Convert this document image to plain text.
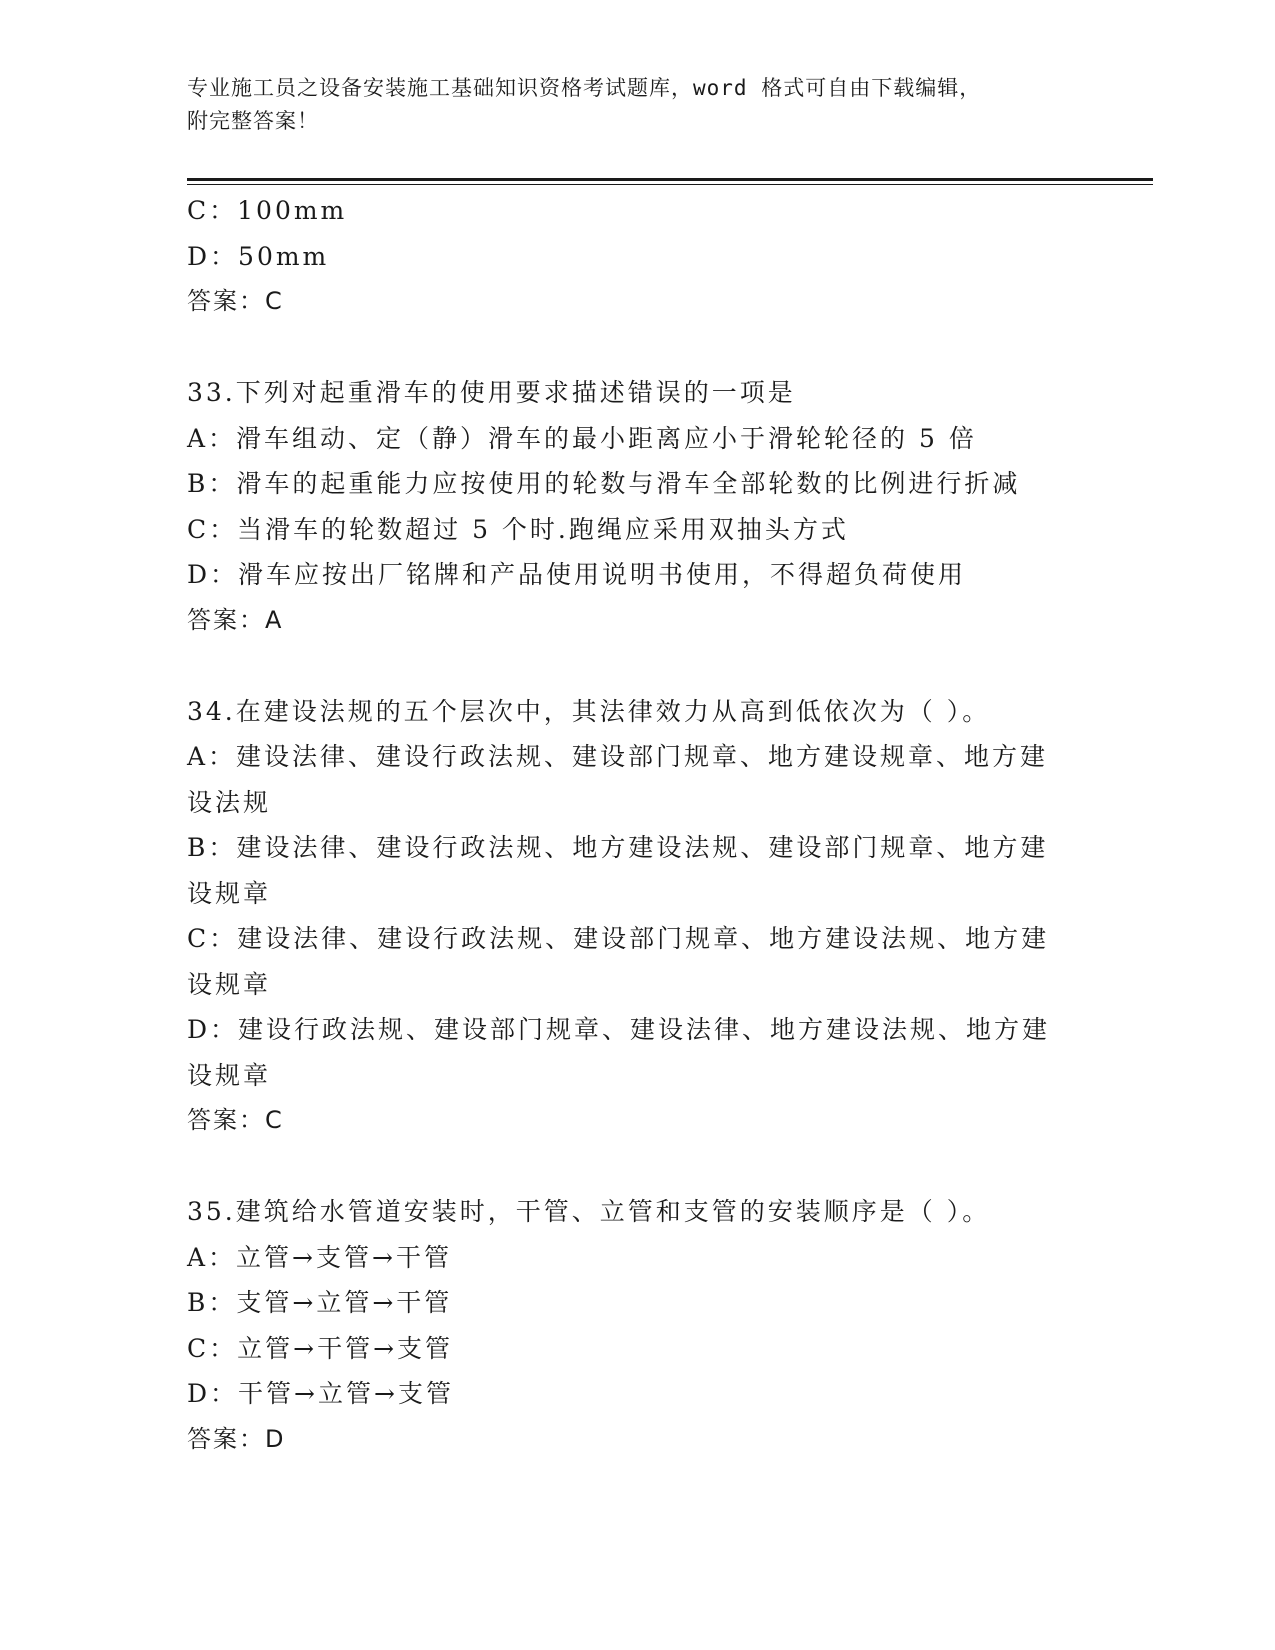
专业施工员之设备安装施工基础知识资格考试题库，word 格式可自由下载编辑，
附完整答案！
C：100mm
D：50mm
答案：C
33.下列对起重滑车的使用要求描述错误的一项是
A：滑车组动、定（静）滑车的最小距离应小于滑轮轮径的 5 倍
B：滑车的起重能力应按使用的轮数与滑车全部轮数的比例进行折减
C：当滑车的轮数超过 5 个时.跑绳应采用双抽头方式
D：滑车应按出厂铭牌和产品使用说明书使用，不得超负荷使用
答案：A
34.在建设法规的五个层次中，其法律效力从高到低依次为（ ）。
A：建设法律、建设行政法规、建设部门规章、地方建设规章、地方建
设法规
B：建设法律、建设行政法规、地方建设法规、建设部门规章、地方建
设规章
C：建设法律、建设行政法规、建设部门规章、地方建设法规、地方建
设规章
D：建设行政法规、建设部门规章、建设法律、地方建设法规、地方建
设规章
答案：C
35.建筑给水管道安装时，干管、立管和支管的安装顺序是（ ）。
A：立管→支管→干管
B：支管→立管→干管
C：立管→干管→支管
D：干管→立管→支管
答案：D
